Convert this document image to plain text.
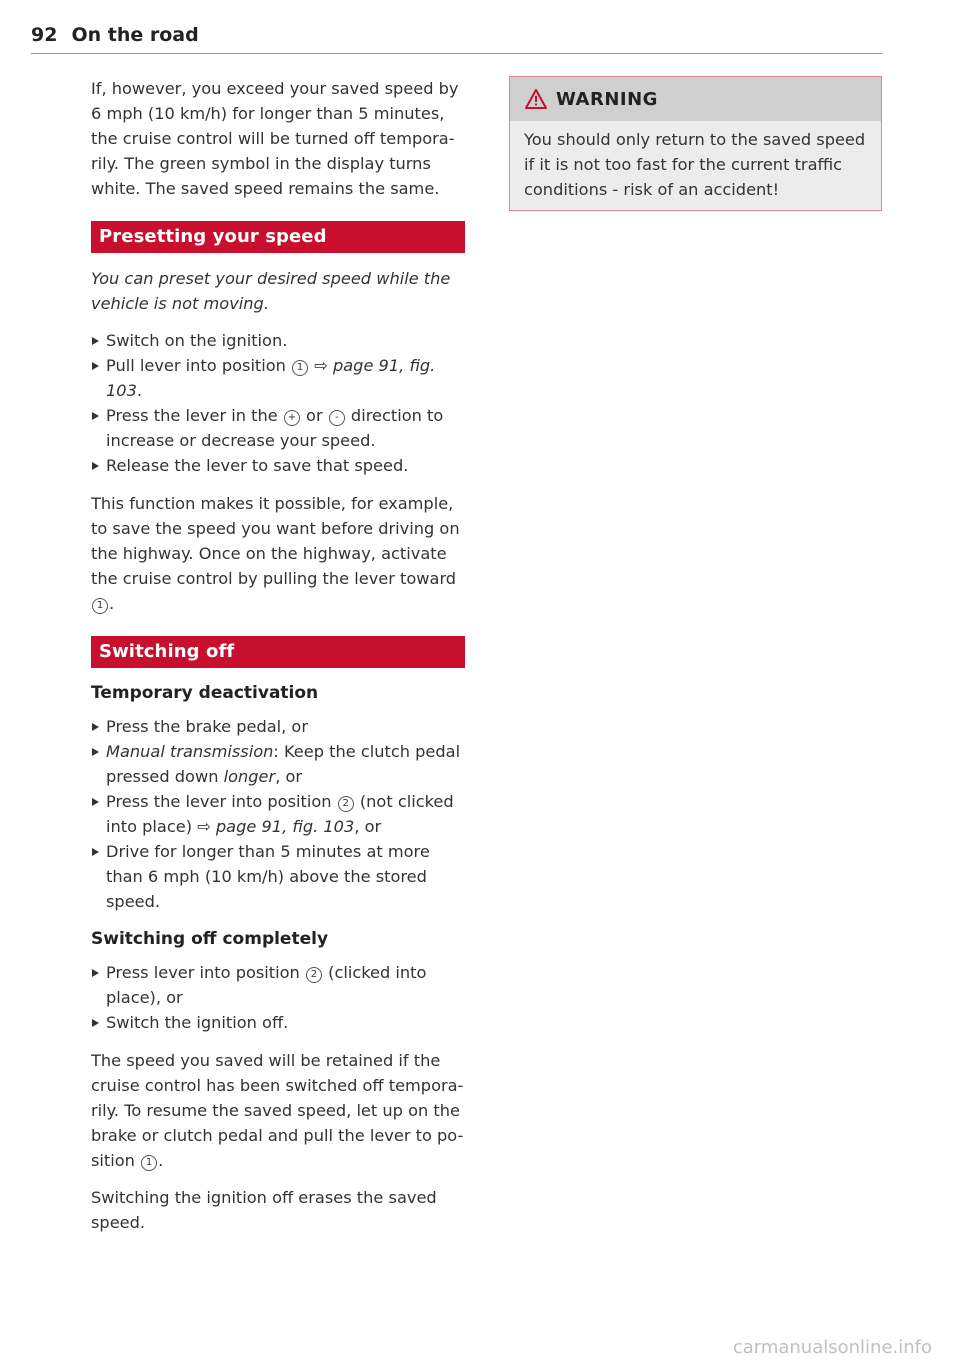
92 On the road

If, however, you exceed your saved speed by 6 mph (10 km/h) for longer than 5 minutes, the cruise control will be turned off tempora-rily. The green symbol in the display turns white. The saved speed remains the same.

Presetting your speed

You can preset your desired speed while the vehicle is not moving.

Switch on the ignition.
Pull lever into position 1 ⇨ page 91, fig. 103.
Press the lever in the + or - direction to increase or decrease your speed.
Release the lever to save that speed.

This function makes it possible, for example, to save the speed you want before driving on the highway. Once on the highway, activate the cruise control by pulling the lever toward 1 .

Switching off
Temporary deactivation
Press the brake pedal, or
Manual transmission: Keep the clutch pedal pressed down longer, or
Press the lever into position 2 (not clicked into place) ⇨ page 91, fig. 103, or
Drive for longer than 5 minutes at more than 6 mph (10 km/h) above the stored speed.
Switching off completely
Press lever into position 2 (clicked into place), or
Switch the ignition off.

The speed you saved will be retained if the cruise control has been switched off tempora-rily. To resume the saved speed, let up on the brake or clutch pedal and pull the lever to po-sition 1 .

Switching the ignition off erases the saved speed.

WARNING

You should only return to the saved speed if it is not too fast for the current traffic conditions - risk of an accident!

carmanualsonline.info
